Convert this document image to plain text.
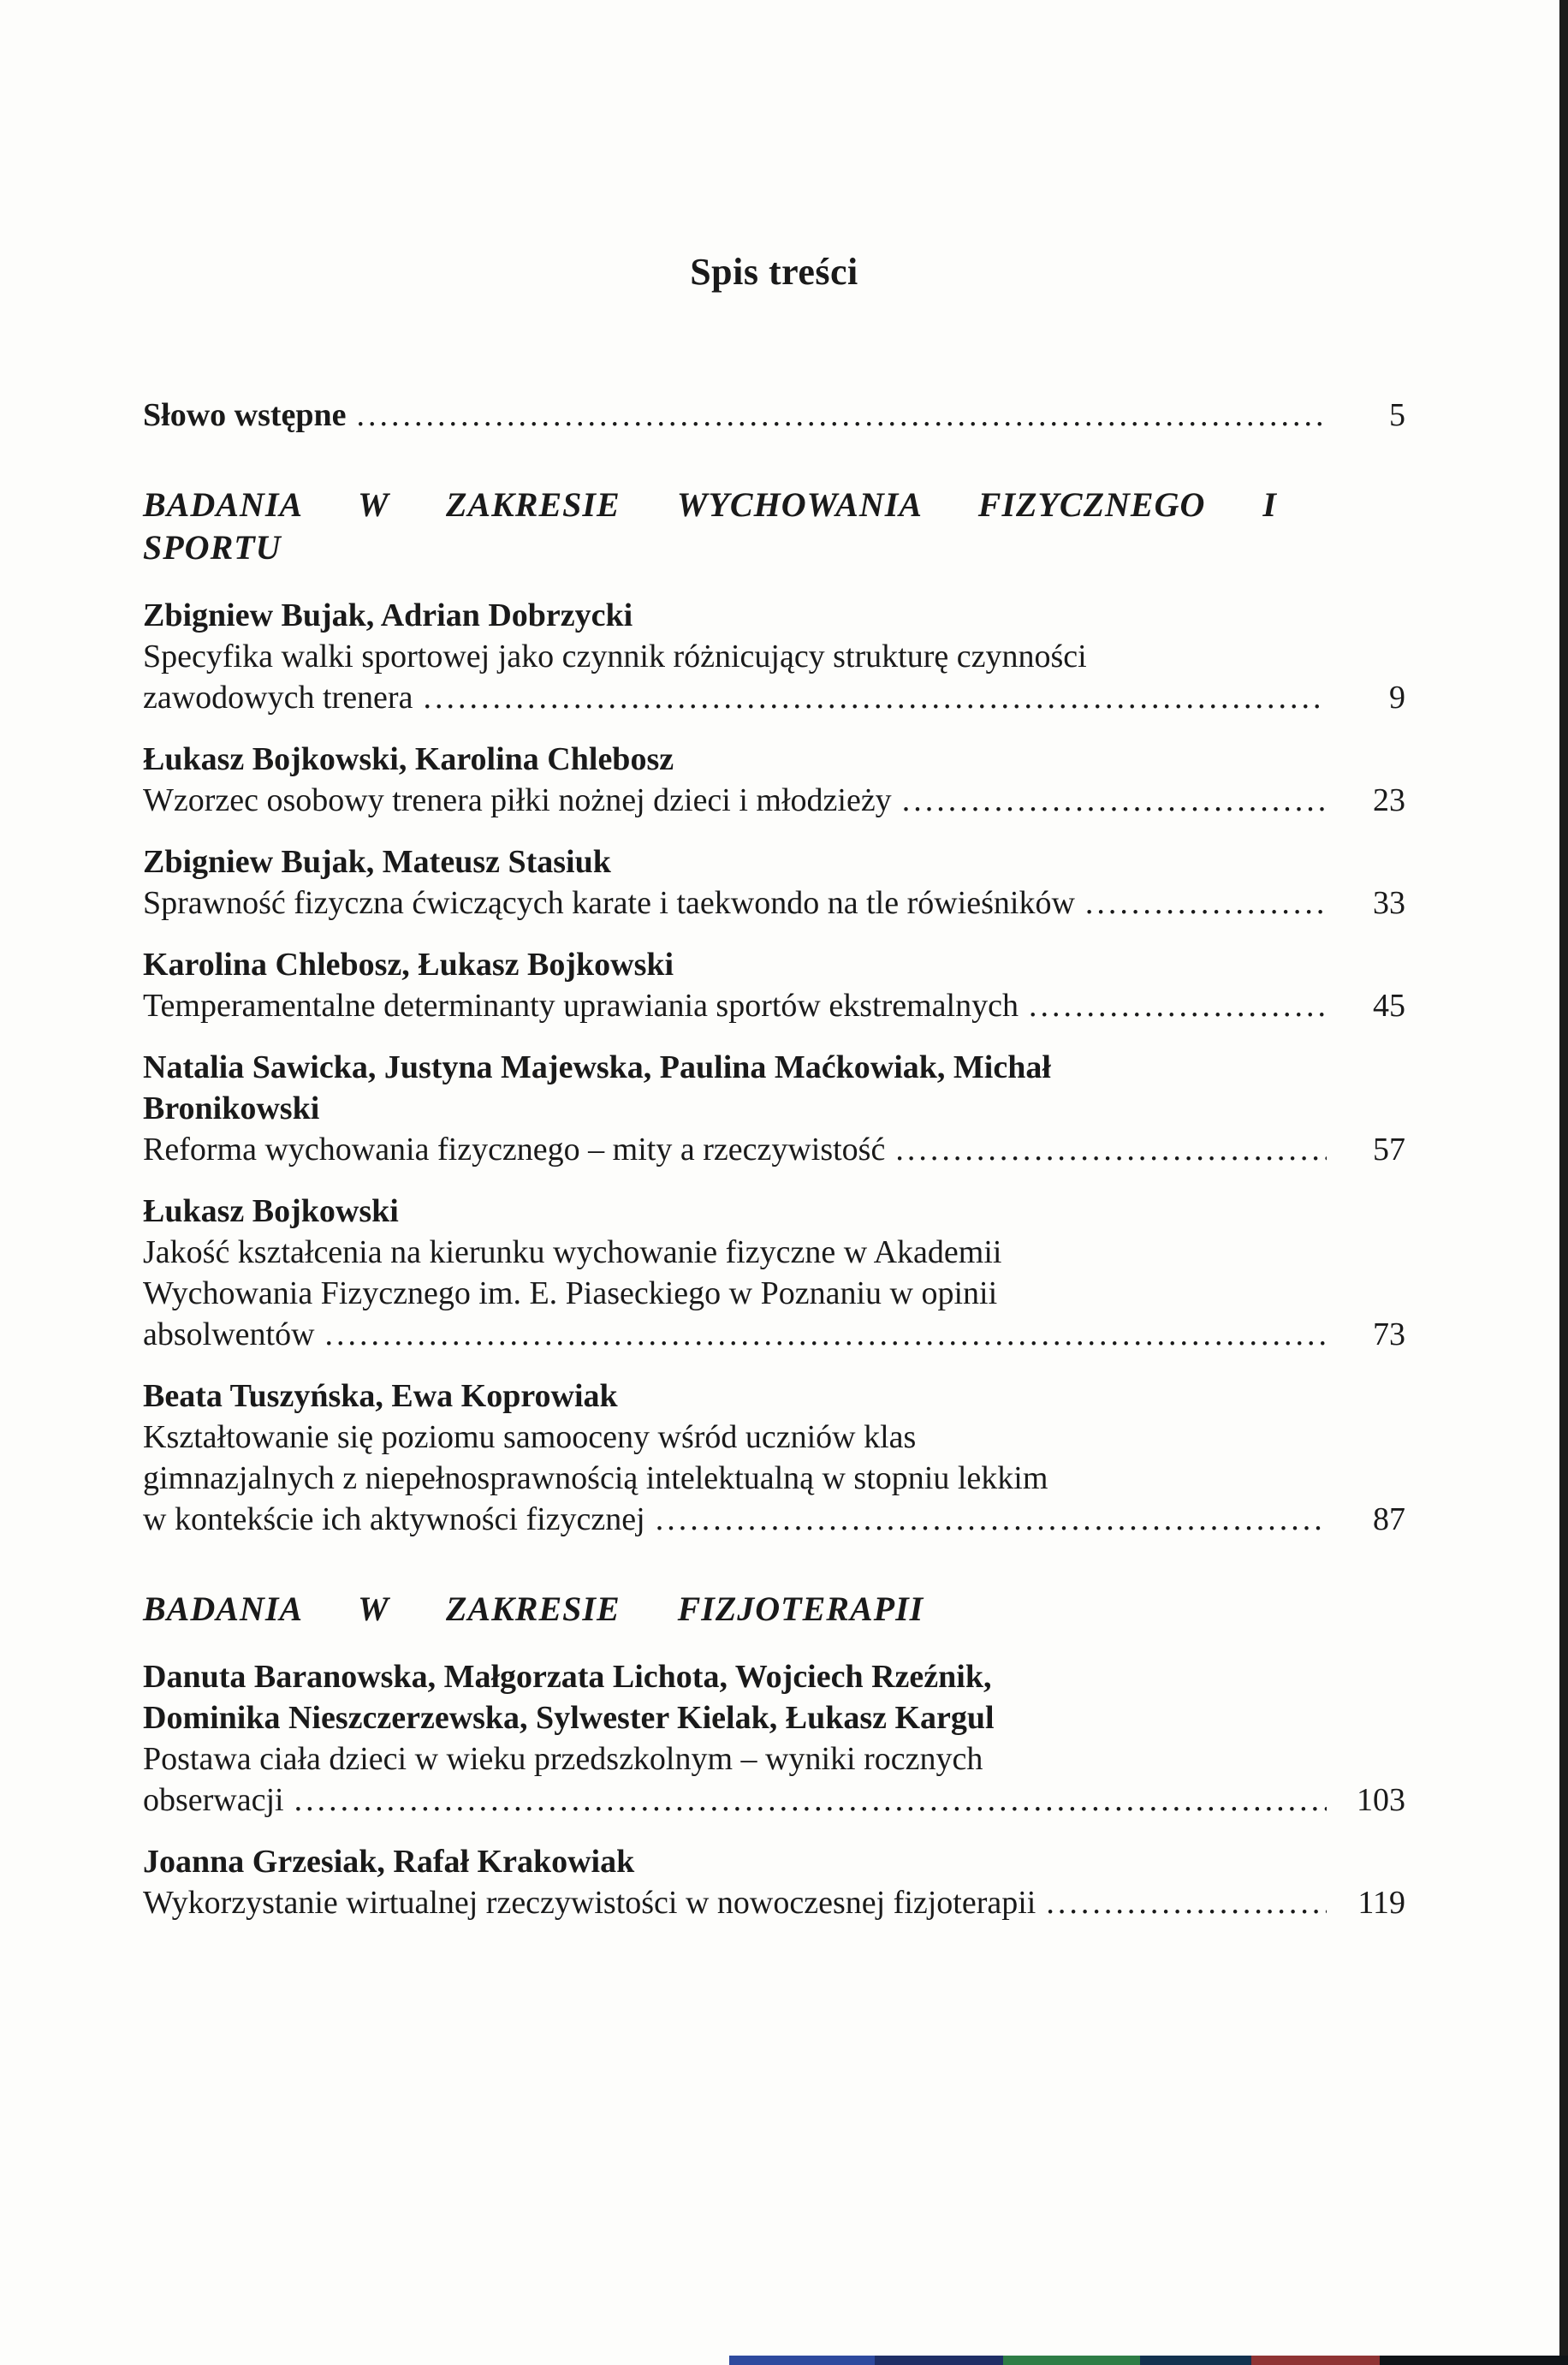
Spis treści
Słowo wstępne .....	5
BADANIA W ZAKRESIE WYCHOWANIA FIZYCZNEGO I SPORTU
Zbigniew Bujak, Adrian Dobrzycki
Specyfika walki sportowej jako czynnik różnicujący strukturę czynności
zawodowych trenera .....	9
Łukasz Bojkowski, Karolina Chlebosz
Wzorzec osobowy trenera piłki nożnej dzieci i młodzieży .....	23
Zbigniew Bujak, Mateusz Stasiuk
Sprawność fizyczna ćwiczących karate i taekwondo na tle rówieśników .....	33
Karolina Chlebosz, Łukasz Bojkowski
Temperamentalne determinanty uprawiania sportów ekstremalnych .....	45
Natalia Sawicka, Justyna Majewska, Paulina Maćkowiak, Michał
Bronikowski
Reforma wychowania fizycznego – mity a rzeczywistość .....	57
Łukasz Bojkowski
Jakość kształcenia na kierunku wychowanie fizyczne w Akademii
Wychowania Fizycznego im. E. Piaseckiego w Poznaniu w opinii
absolwentów .....	73
Beata Tuszyńska, Ewa Koprowiak
Kształtowanie się poziomu samooceny wśród uczniów klas
gimnazjalnych z niepełnosprawnością intelektualną w stopniu lekkim
w kontekście ich aktywności fizycznej .....	87
BADANIA W ZAKRESIE FIZJOTERAPII
Danuta Baranowska, Małgorzata Lichota, Wojciech Rzeźnik,
Dominika Nieszczerzewska, Sylwester Kielak, Łukasz Kargul
Postawa ciała dzieci w wieku przedszkolnym – wyniki rocznych
obserwacji .....	103
Joanna Grzesiak, Rafał Krakowiak
Wykorzystanie wirtualnej rzeczywistości w nowoczesnej fizjoterapii .....	119
